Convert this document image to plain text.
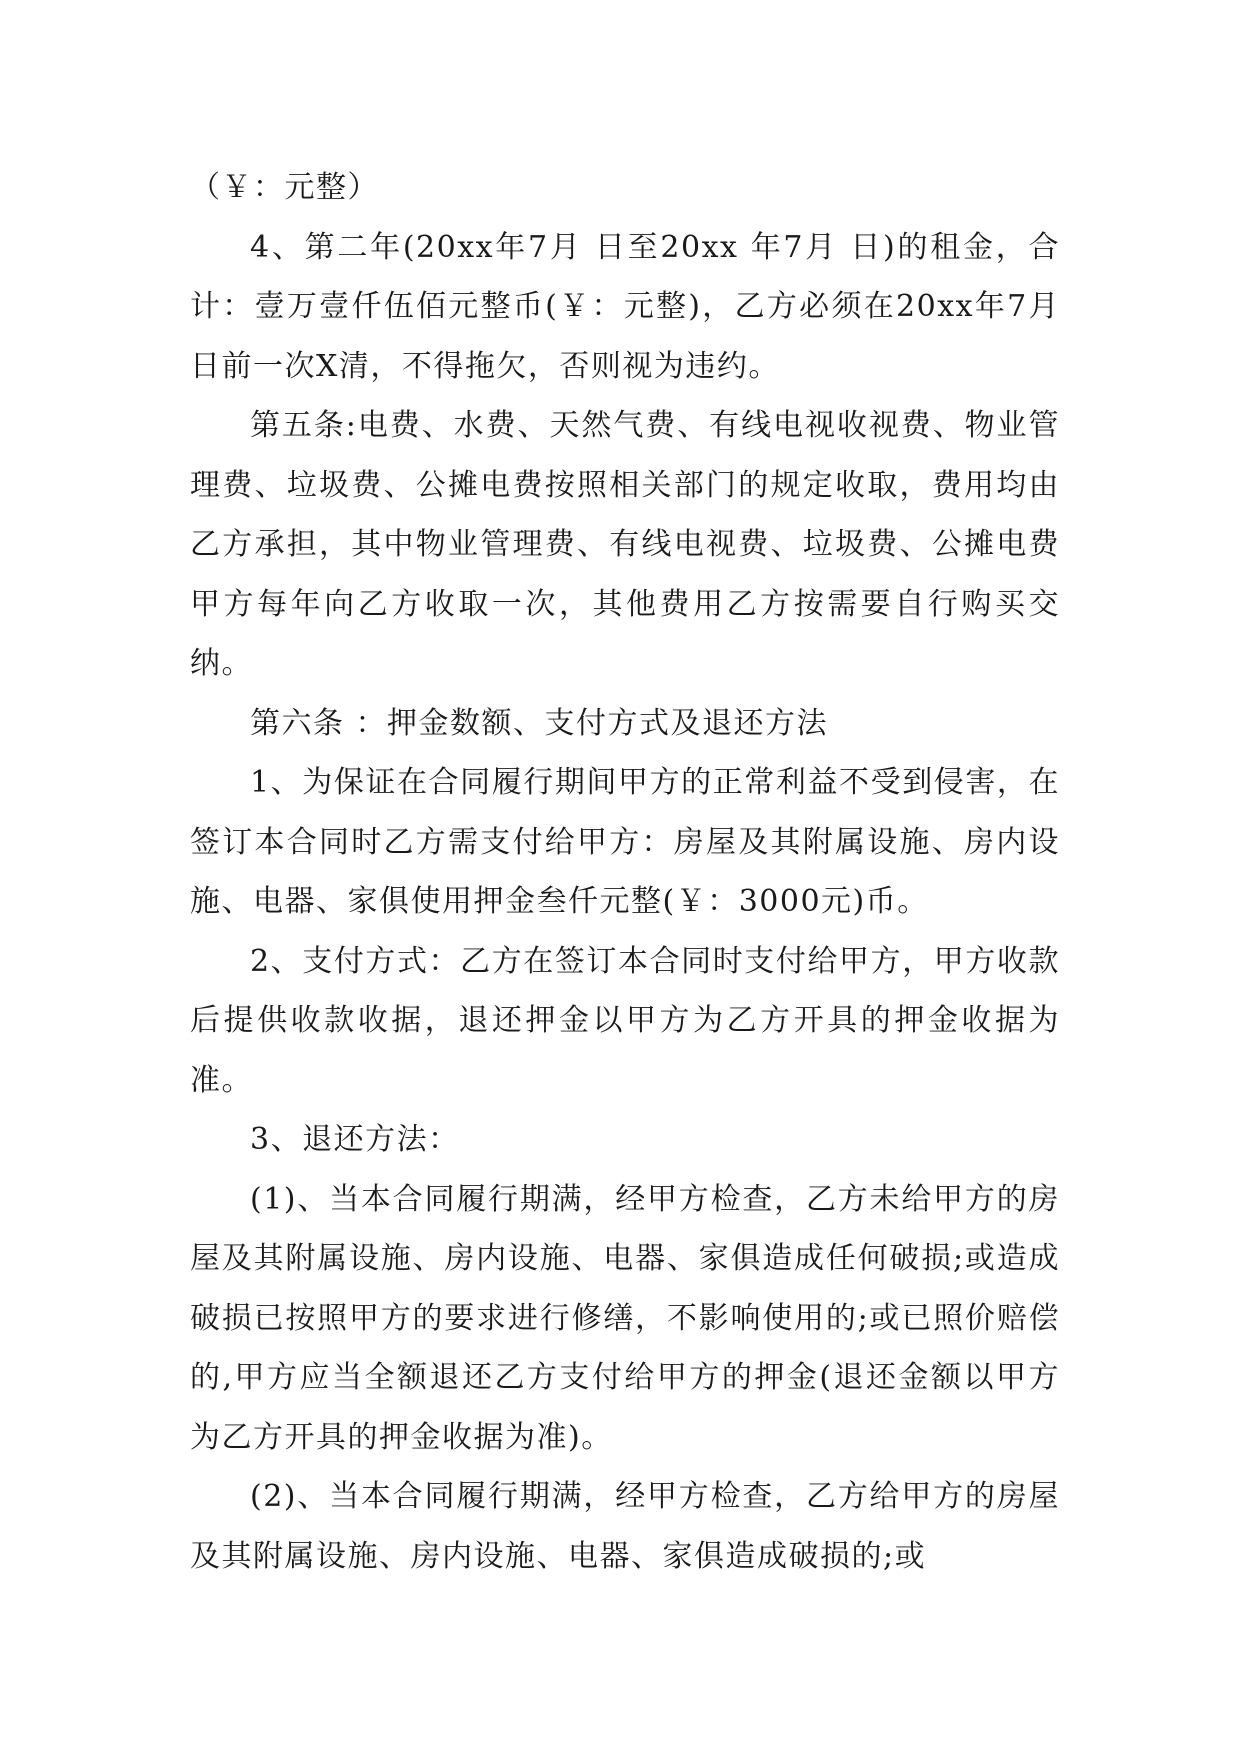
（￥：元整）

4、第二年(20xx年7月 日至20xx 年7月 日)的租金，合计：壹万壹仟伍佰元整币(￥：元整)，乙方必须在20xx年7月 日前一次X清，不得拖欠，否则视为违约。

第五条:电费、水费、天然气费、有线电视收视费、物业管理费、垃圾费、公摊电费按照相关部门的规定收取，费用均由乙方承担，其中物业管理费、有线电视费、垃圾费、公摊电费甲方每年向乙方收取一次，其他费用乙方按需要自行购买交纳。

第六条 ：押金数额、支付方式及退还方法

1、为保证在合同履行期间甲方的正常利益不受到侵害，在签订本合同时乙方需支付给甲方：房屋及其附属设施、房内设施、电器、家俱使用押金叁仟元整(￥：3000元)币。

2、支付方式：乙方在签订本合同时支付给甲方，甲方收款后提供收款收据，退还押金以甲方为乙方开具的押金收据为准。

3、退还方法：

(1)、当本合同履行期满，经甲方检查，乙方未给甲方的房屋及其附属设施、房内设施、电器、家俱造成任何破损;或造成破损已按照甲方的要求进行修缮，不影响使用的;或已照价赔偿的,甲方应当全额退还乙方支付给甲方的押金(退还金额以甲方为乙方开具的押金收据为准)。

(2)、当本合同履行期满，经甲方检查，乙方给甲方的房屋及其附属设施、房内设施、电器、家俱造成破损的;或
